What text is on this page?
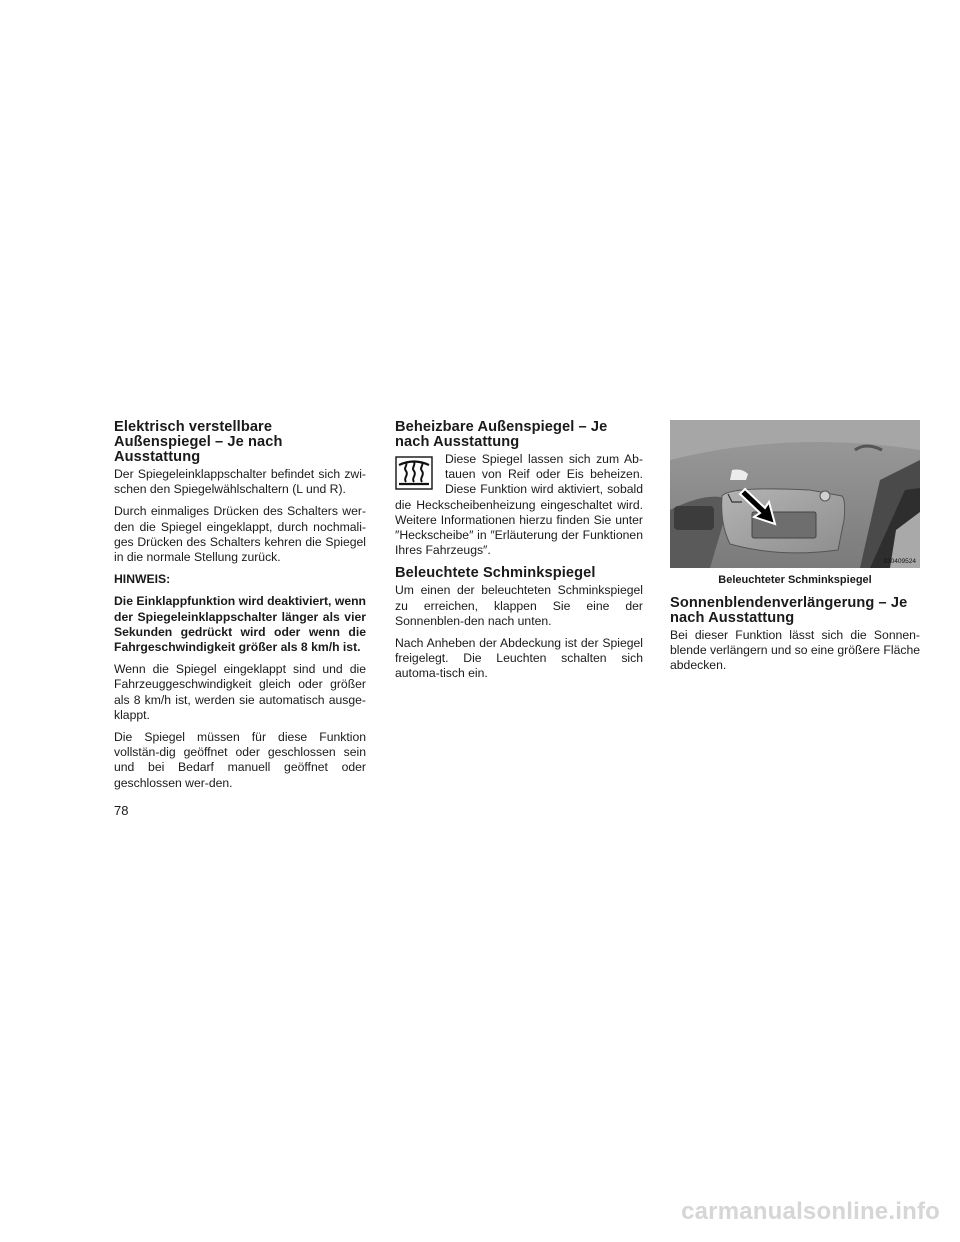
Elektrisch verstellbare Außenspiegel – Je nach Ausstattung

Der Spiegeleinklappschalter befindet sich zwi-schen den Spiegelwählschaltern (L und R).

Durch einmaliges Drücken des Schalters wer-den die Spiegel eingeklappt, durch nochmali-ges Drücken des Schalters kehren die Spiegel in die normale Stellung zurück.

HINWEIS:

Die Einklappfunktion wird deaktiviert, wenn der Spiegeleinklappschalter länger als vier Sekunden gedrückt wird oder wenn die Fahrgeschwindigkeit größer als 8 km/h ist.

Wenn die Spiegel eingeklappt sind und die Fahrzeuggeschwindigkeit gleich oder größer als 8 km/h ist, werden sie automatisch ausge-klappt.

Die Spiegel müssen für diese Funktion vollstän-dig geöffnet oder geschlossen sein und bei Bedarf manuell geöffnet oder geschlossen wer-den.

Beheizbare Außenspiegel – Je nach Ausstattung

Diese Spiegel lassen sich zum Ab-tauen von Reif oder Eis beheizen. Diese Funktion wird aktiviert, sobald die Heckscheibenheizung eingeschaltet wird. Weitere Informationen hierzu finden Sie unter ″Heckscheibe″ in ″Erläuterung der Funktionen Ihres Fahrzeugs″.

Beleuchtete Schminkspiegel

Um einen der beleuchteten Schminkspiegel zu erreichen, klappen Sie eine der Sonnenblen-den nach unten.

Nach Anheben der Abdeckung ist der Spiegel freigelegt. Die Leuchten schalten sich automa-tisch ein.

030409524
Beleuchteter Schminkspiegel
Sonnenblendenverlängerung – Je nach Ausstattung

Bei dieser Funktion lässt sich die Sonnen-blende verlängern und so eine größere Fläche abdecken.

78
carmanualsonline.info
